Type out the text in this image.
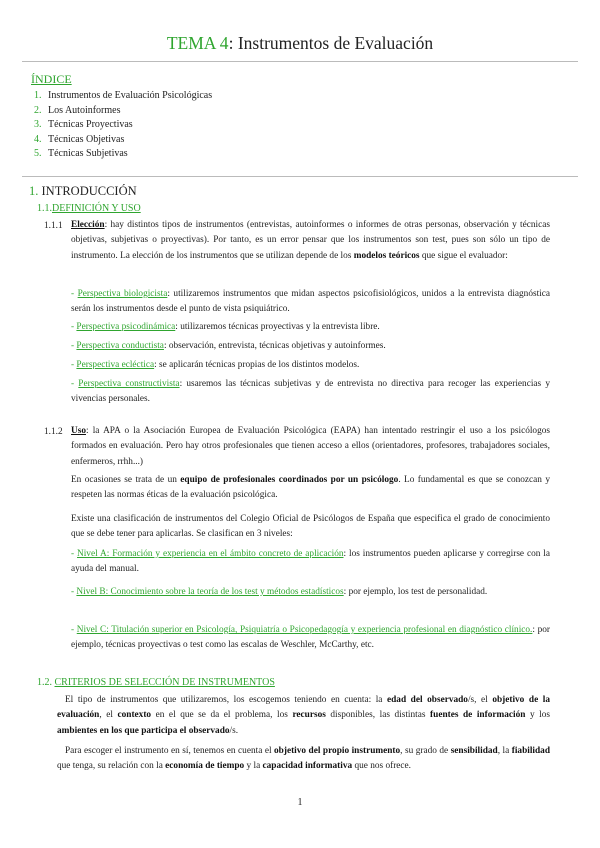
TEMA 4: Instrumentos de Evaluación
ÍNDICE
1. Instrumentos de Evaluación Psicológicas
2. Los Autoinformes
3. Técnicas Proyectivas
4. Técnicas Objetivas
5. Técnicas Subjetivas
1. INTRODUCCIÓN
1.1.DEFINICIÓN Y USO
1.1.1 Elección: hay distintos tipos de instrumentos (entrevistas, autoinformes o informes de otras personas, observación y técnicas objetivas, subjetivas o proyectivas). Por tanto, es un error pensar que los instrumentos son test, pues son sólo un tipo de instrumento. La elección de los instrumentos que se utilizan depende de los modelos teóricos que sigue el evaluador:
- Perspectiva biologicista: utilizaremos instrumentos que midan aspectos psicofisiológicos, unidos a la entrevista diagnóstica serán los instrumentos desde el punto de vista psiquiátrico.
- Perspectiva psicodinámica: utilizaremos técnicas proyectivas y la entrevista libre.
- Perspectiva conductista: observación, entrevista, técnicas objetivas y autoinformes.
- Perspectiva ecléctica: se aplicarán técnicas propias de los distintos modelos.
- Perspectiva constructivista: usaremos las técnicas subjetivas y de entrevista no directiva para recoger las experiencias y vivencias personales.
1.1.2 Uso: la APA o la Asociación Europea de Evaluación Psicológica (EAPA) han intentado restringir el uso a los psicólogos formados en evaluación. Pero hay otros profesionales que tienen acceso a ellos (orientadores, profesores, trabajadores sociales, enfermeros, rrhh...)
En ocasiones se trata de un equipo de profesionales coordinados por un psicólogo. Lo fundamental es que se conozcan y respeten las normas éticas de la evaluación psicológica.
Existe una clasificación de instrumentos del Colegio Oficial de Psicólogos de España que especifica el grado de conocimiento que se debe tener para aplicarlas. Se clasifican en 3 niveles:
- Nivel A: Formación y experiencia en el ámbito concreto de aplicación: los instrumentos pueden aplicarse y corregirse con la ayuda del manual.
- Nivel B: Conocimiento sobre la teoría de los test y métodos estadísticos: por ejemplo, los test de personalidad.
- Nivel C: Titulación superior en Psicología, Psiquiatría o Psicopedagogía y experiencia profesional en diagnóstico clínico.: por ejemplo, técnicas proyectivas o test como las escalas de Weschler, McCarthy, etc.
1.2. CRITERIOS DE SELECCIÓN DE INSTRUMENTOS
El tipo de instrumentos que utilizaremos, los escogemos teniendo en cuenta: la edad del observado/s, el objetivo de la evaluación, el contexto en el que se da el problema, los recursos disponibles, las distintas fuentes de información y los ambientes en los que participa el observado/s.
Para escoger el instrumento en sí, tenemos en cuenta el objetivo del propio instrumento, su grado de sensibilidad, la fiabilidad que tenga, su relación con la economía de tiempo y la capacidad informativa que nos ofrece.
1
